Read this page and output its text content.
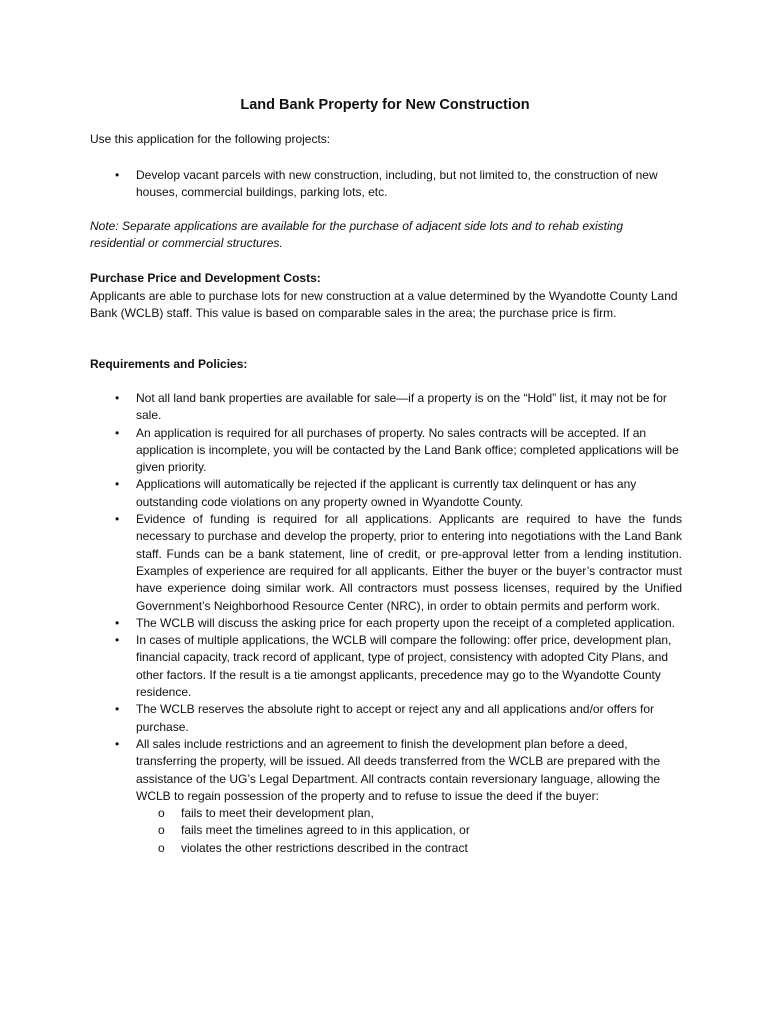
Land Bank Property for New Construction
Use this application for the following projects:
• Develop vacant parcels with new construction, including, but not limited to, the construction of new houses, commercial buildings, parking lots, etc.
Note: Separate applications are available for the purchase of adjacent side lots and to rehab existing residential or commercial structures.
Purchase Price and Development Costs:
Applicants are able to purchase lots for new construction at a value determined by the Wyandotte County Land Bank (WCLB) staff. This value is based on comparable sales in the area; the purchase price is firm.
Requirements and Policies:
• Not all land bank properties are available for sale—if a property is on the “Hold” list, it may not be for sale.
• An application is required for all purchases of property. No sales contracts will be accepted. If an application is incomplete, you will be contacted by the Land Bank office; completed applications will be given priority.
• Applications will automatically be rejected if the applicant is currently tax delinquent or has any outstanding code violations on any property owned in Wyandotte County.
• Evidence of funding is required for all applications. Applicants are required to have the funds necessary to purchase and develop the property, prior to entering into negotiations with the Land Bank staff. Funds can be a bank statement, line of credit, or pre-approval letter from a lending institution. Examples of experience are required for all applicants. Either the buyer or the buyer’s contractor must have experience doing similar work. All contractors must possess licenses, required by the Unified Government’s Neighborhood Resource Center (NRC), in order to obtain permits and perform work.
• The WCLB will discuss the asking price for each property upon the receipt of a completed application.
• In cases of multiple applications, the WCLB will compare the following: offer price, development plan, financial capacity, track record of applicant, type of project, consistency with adopted City Plans, and other factors. If the result is a tie amongst applicants, precedence may go to the Wyandotte County residence.
• The WCLB reserves the absolute right to accept or reject any and all applications and/or offers for purchase.
• All sales include restrictions and an agreement to finish the development plan before a deed, transferring the property, will be issued. All deeds transferred from the WCLB are prepared with the assistance of the UG’s Legal Department. All contracts contain reversionary language, allowing the WCLB to regain possession of the property and to refuse to issue the deed if the buyer:
o fails to meet their development plan,
o fails meet the timelines agreed to in this application, or
o violates the other restrictions described in the contract
